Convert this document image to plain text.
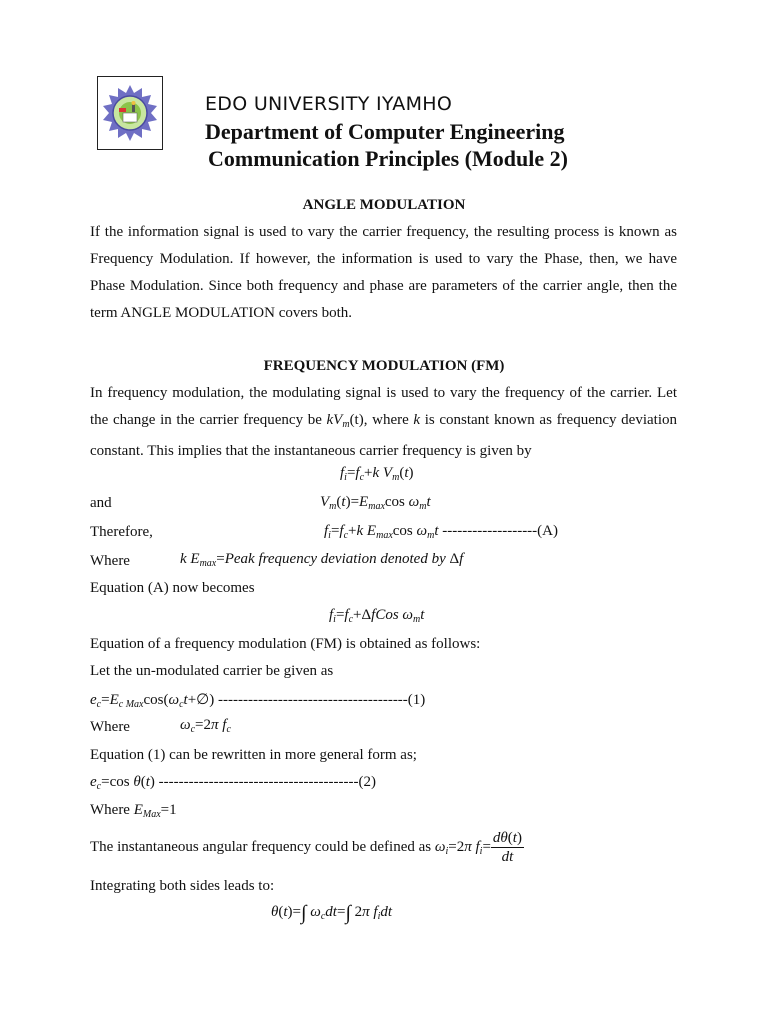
EDO UNIVERSITY IYAMHO
Department of Computer Engineering
Communication Principles (Module 2)
ANGLE MODULATION
If the information signal is used to vary the carrier frequency, the resulting process is known as Frequency Modulation. If however, the information is used to vary the Phase, then, we have Phase Modulation. Since both frequency and phase are parameters of the carrier angle, then the term ANGLE MODULATION covers both.
FREQUENCY MODULATION (FM)
In frequency modulation, the modulating signal is used to vary the frequency of the carrier. Let the change in the carrier frequency be $kV_m(t)$, where k is constant known as frequency deviation constant. This implies that the instantaneous carrier frequency is given by
$f_i=f_c+k$ $V_m(t)$
and	$V_m(t)=E_{max}\cos$ $\omega_mt$
Therefore,	$f_i=f_c+k$ $E_{max}\cos$ $\omega_mt$ -------------------(A)
Where	k $E_{max}=Peak$ frequency deviation denoted by Δf
Equation (A) now becomes
$f_i=f_c+\Delta fCos$ $\omega_mt$
Equation of a frequency modulation (FM) is obtained as follows:
Let the un-modulated carrier be given as
$e_c=E_{c Max}\cos(\omega_ct+\emptyset)$ --------------------------------------(1)
Where	$\omega_c=2\pi$ $f_c$
Equation (1) can be rewritten in more general form as;
$e_c=\cos$ θ(t) ----------------------------------------(2)
Where $E_{Max}=1$
The instantaneous angular frequency could be defined as $\omega_i=2\pi$ $f_i= \frac{d\theta(t)}{dt}$
Integrating both sides leads to:
θ(t)=∫ $\omega_cdt=\int$ 2π $f_idt$
